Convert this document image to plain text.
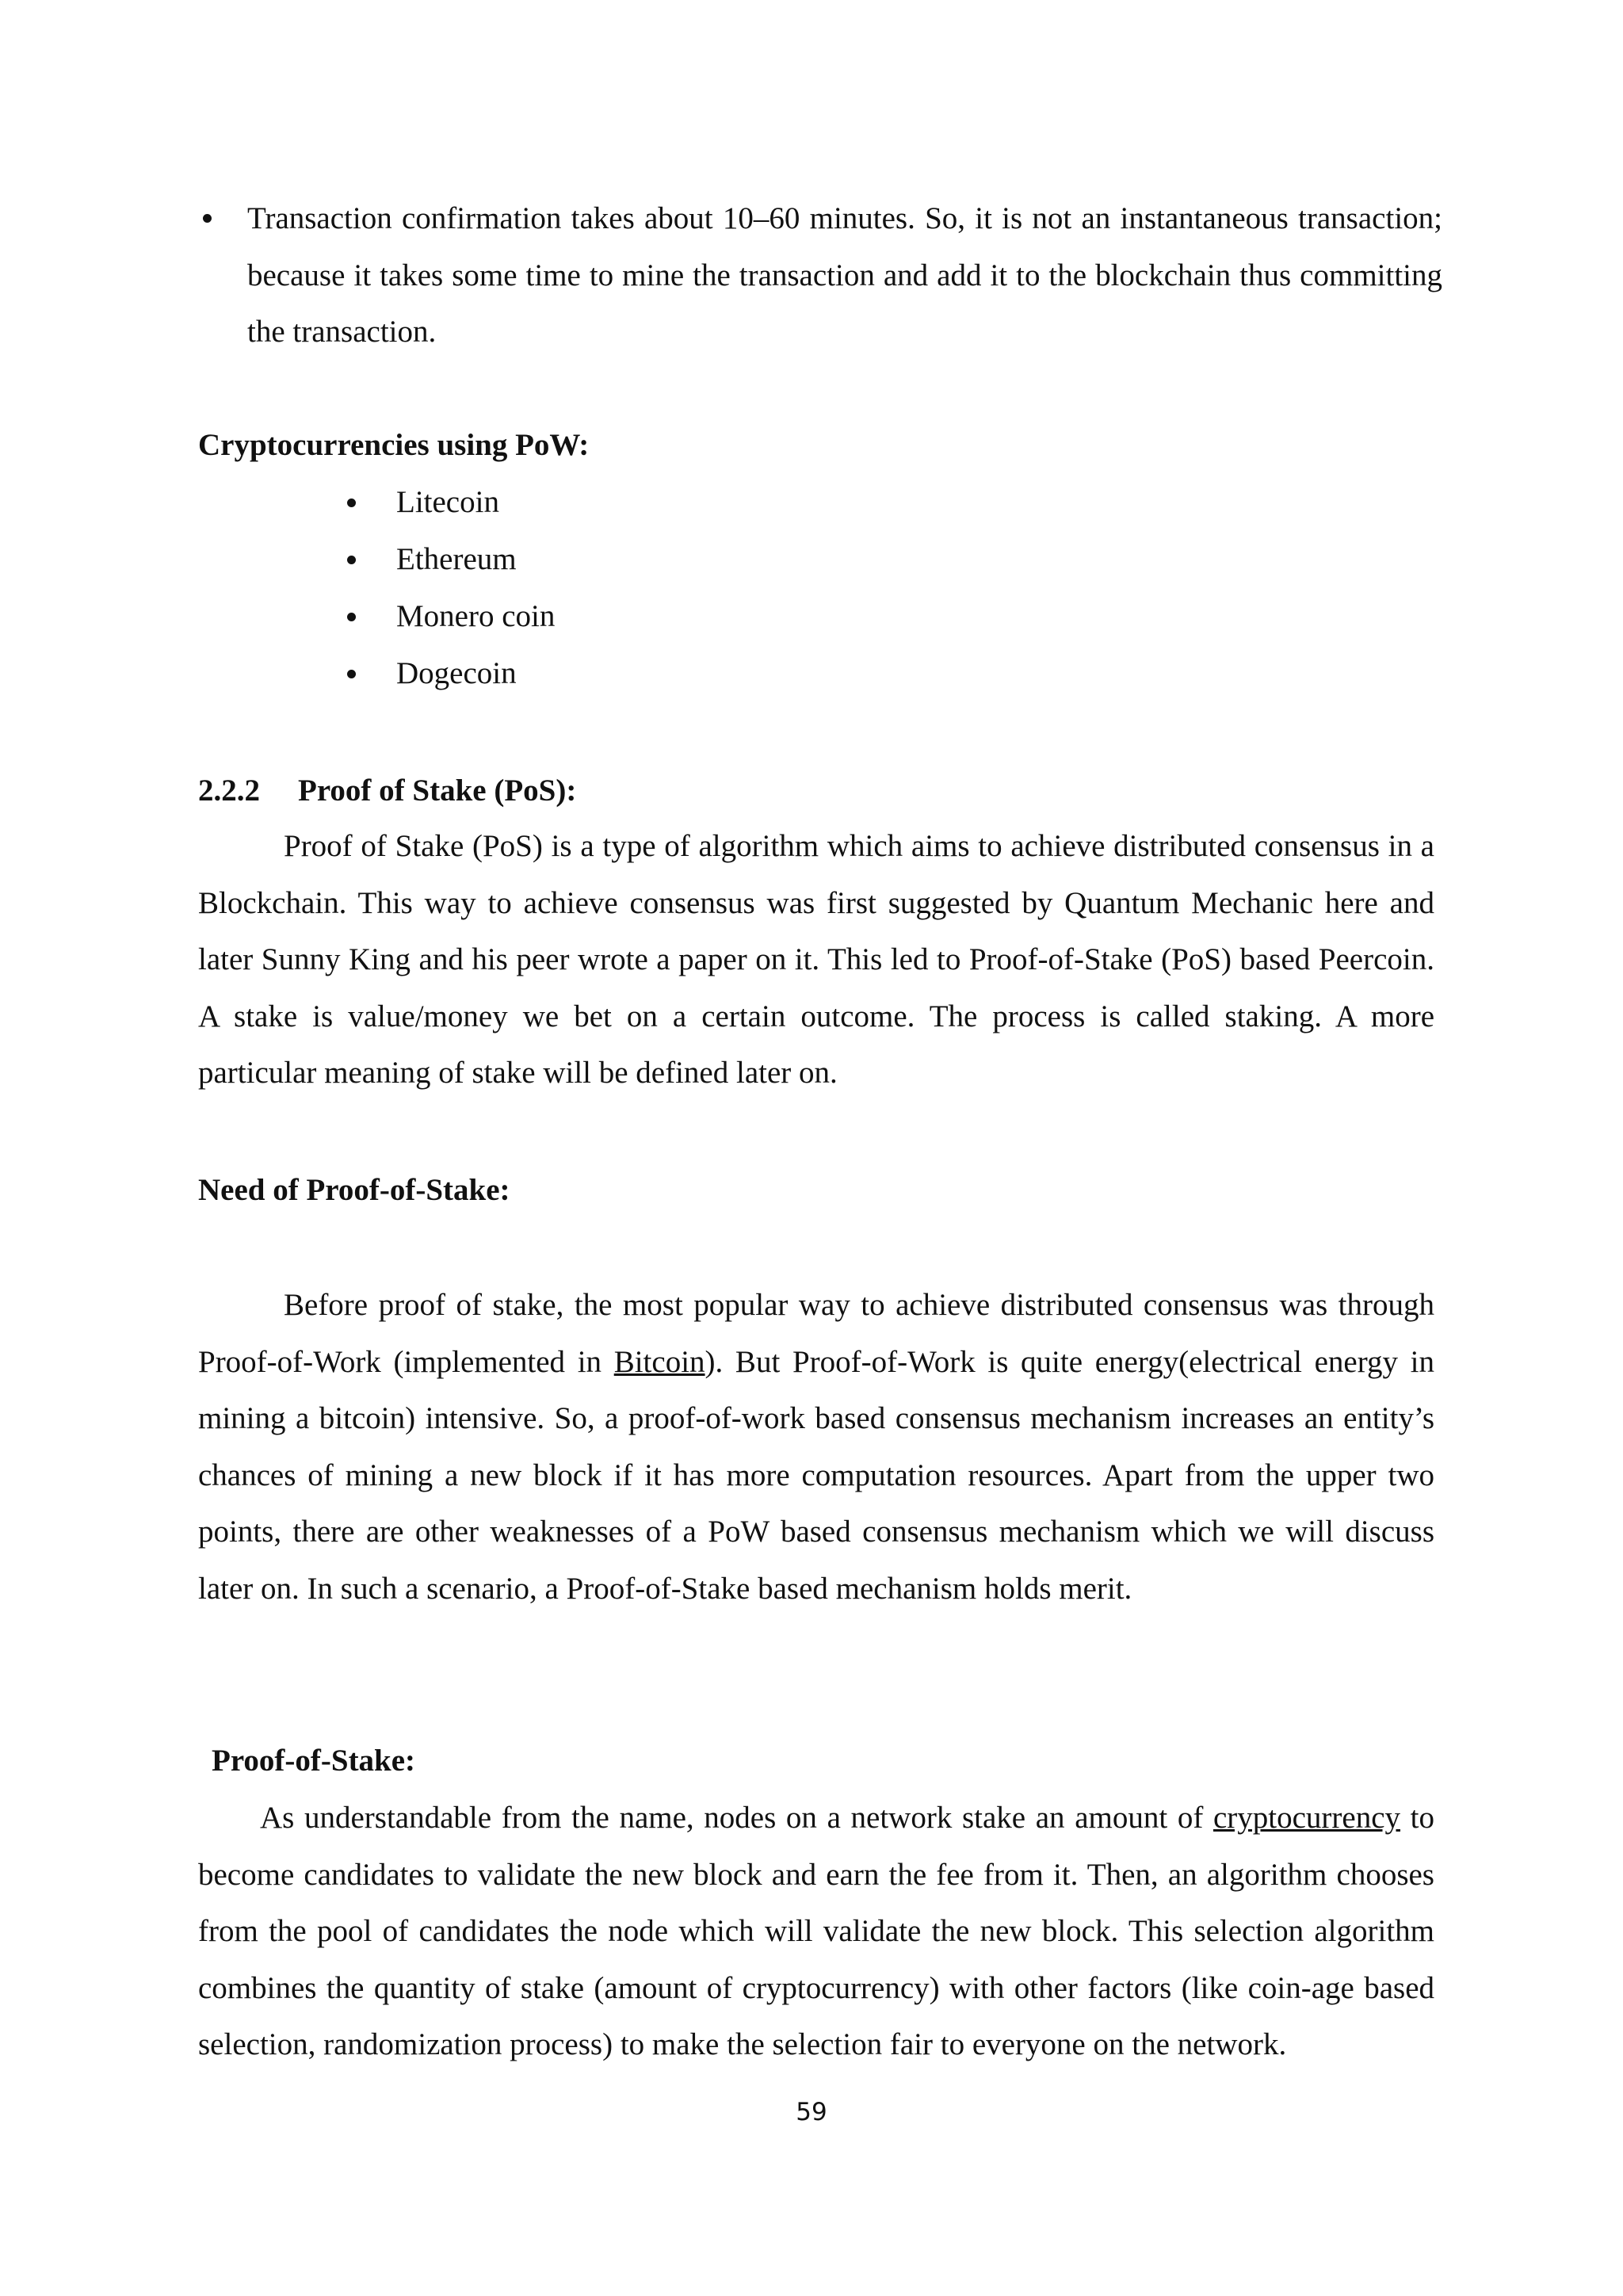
Transaction confirmation takes about 10–60 minutes. So, it is not an instantaneous transaction; because it takes some time to mine the transaction and add it to the blockchain thus committing the transaction.
Cryptocurrencies using PoW:
Litecoin
Ethereum
Monero coin
Dogecoin
2.2.2 Proof of Stake (PoS):
Proof of Stake (PoS) is a type of algorithm which aims to achieve distributed consensus in a Blockchain. This way to achieve consensus was first suggested by Quantum Mechanic here and later Sunny King and his peer wrote a paper on it. This led to Proof-of-Stake (PoS) based Peercoin. A stake is value/money we bet on a certain outcome. The process is called staking. A more particular meaning of stake will be defined later on.
Need of Proof-of-Stake:
Before proof of stake, the most popular way to achieve distributed consensus was through Proof-of-Work (implemented in Bitcoin). But Proof-of-Work is quite energy(electrical energy in mining a bitcoin) intensive. So, a proof-of-work based consensus mechanism increases an entity’s chances of mining a new block if it has more computation resources. Apart from the upper two points, there are other weaknesses of a PoW based consensus mechanism which we will discuss later on. In such a scenario, a Proof-of-Stake based mechanism holds merit.
Proof-of-Stake:
As understandable from the name, nodes on a network stake an amount of cryptocurrency to become candidates to validate the new block and earn the fee from it. Then, an algorithm chooses from the pool of candidates the node which will validate the new block. This selection algorithm combines the quantity of stake (amount of cryptocurrency) with other factors (like coin-age based selection, randomization process) to make the selection fair to everyone on the network.
59
